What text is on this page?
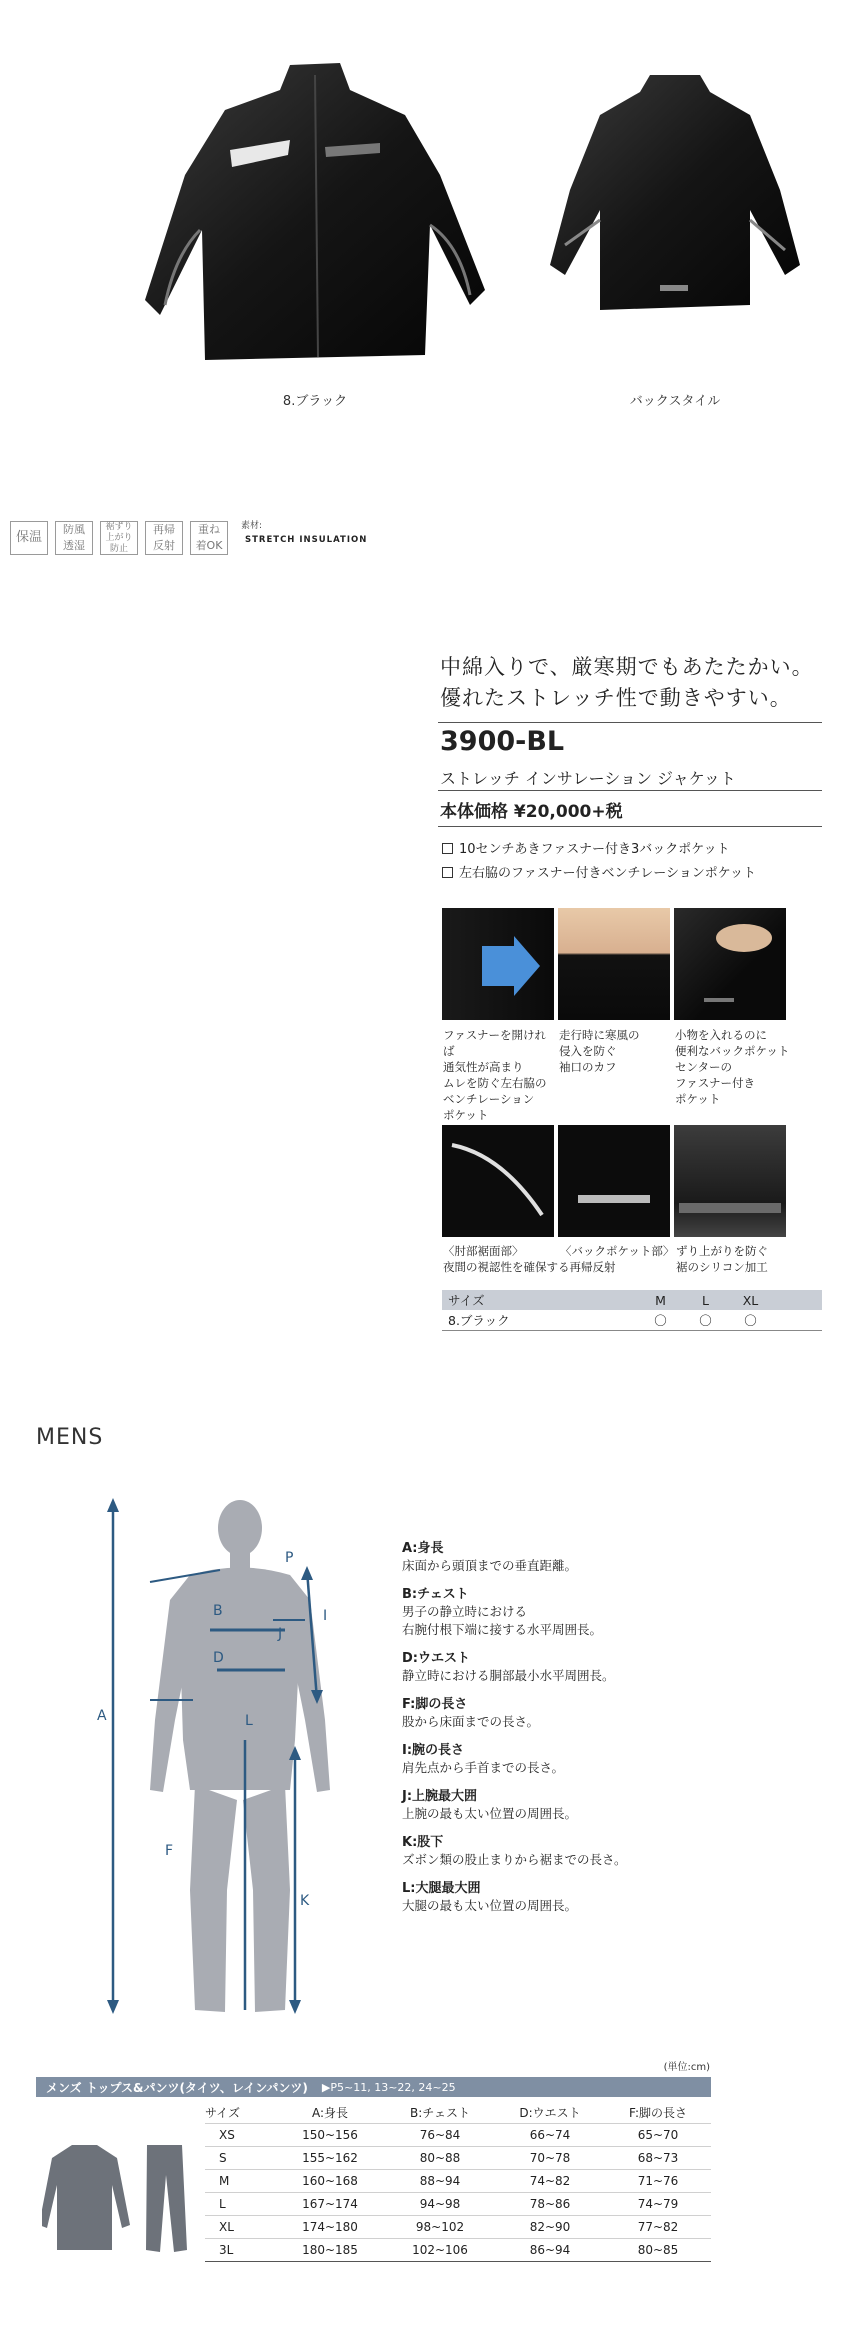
8.ブラック	バックスタイル
保温
防風透湿
裾ずり上がり防止
再帰反射
重ね着OK
素材:
STRETCH INSULATION
中綿入りで、厳寒期でもあたたかい。
優れたストレッチ性で動きやすい。
3900-BL
ストレッチ インサレーション ジャケット
本体価格 ¥20,000+税
10センチあきファスナー付き3バックポケット
左右脇のファスナー付きベンチレーションポケット
ファスナーを開ければ
通気性が高まり
ムレを防ぐ左右脇の
ベンチレーション
ポケット
走行時に寒風の
侵入を防ぐ
袖口のカフ
小物を入れるのに
便利なバックポケット
センターの
ファスナー付き
ポケット
〈肘部裾面部〉
夜間の視認性を確保する再帰反射
〈バックポケット部〉 ずり上がりを防ぐ
裾のシリコン加工
サイズ	M	L	XL
8.ブラック	〇	〇	〇
MENS
A
P
I
B
J
D
L
F
K
A:身長
床面から頭頂までの垂直距離。
B:チェスト
男子の静立時における
右腕付根下端に接する水平周囲長。
D:ウエスト
静立時における胴部最小水平周囲長。
F:脚の長さ
股から床面までの長さ。
I:腕の長さ
肩先点から手首までの長さ。
J:上腕最大囲
上腕の最も太い位置の周囲長。
K:股下
ズボン類の股止まりから裾までの長さ。
L:大腿最大囲
大腿の最も太い位置の周囲長。
(単位:cm)
メンズ トップス&パンツ(タイツ、レインパンツ) ▶P5~11, 13~22, 24~25
サイズ	A:身長	B:チェスト	D:ウエスト	F:脚の長さ
XS	150~156	76~84	66~74	65~70
S	155~162	80~88	70~78	68~73
M	160~168	88~94	74~82	71~76
L	167~174	94~98	78~86	74~79
XL	174~180	98~102	82~90	77~82
3L	180~185	102~106	86~94	80~85
